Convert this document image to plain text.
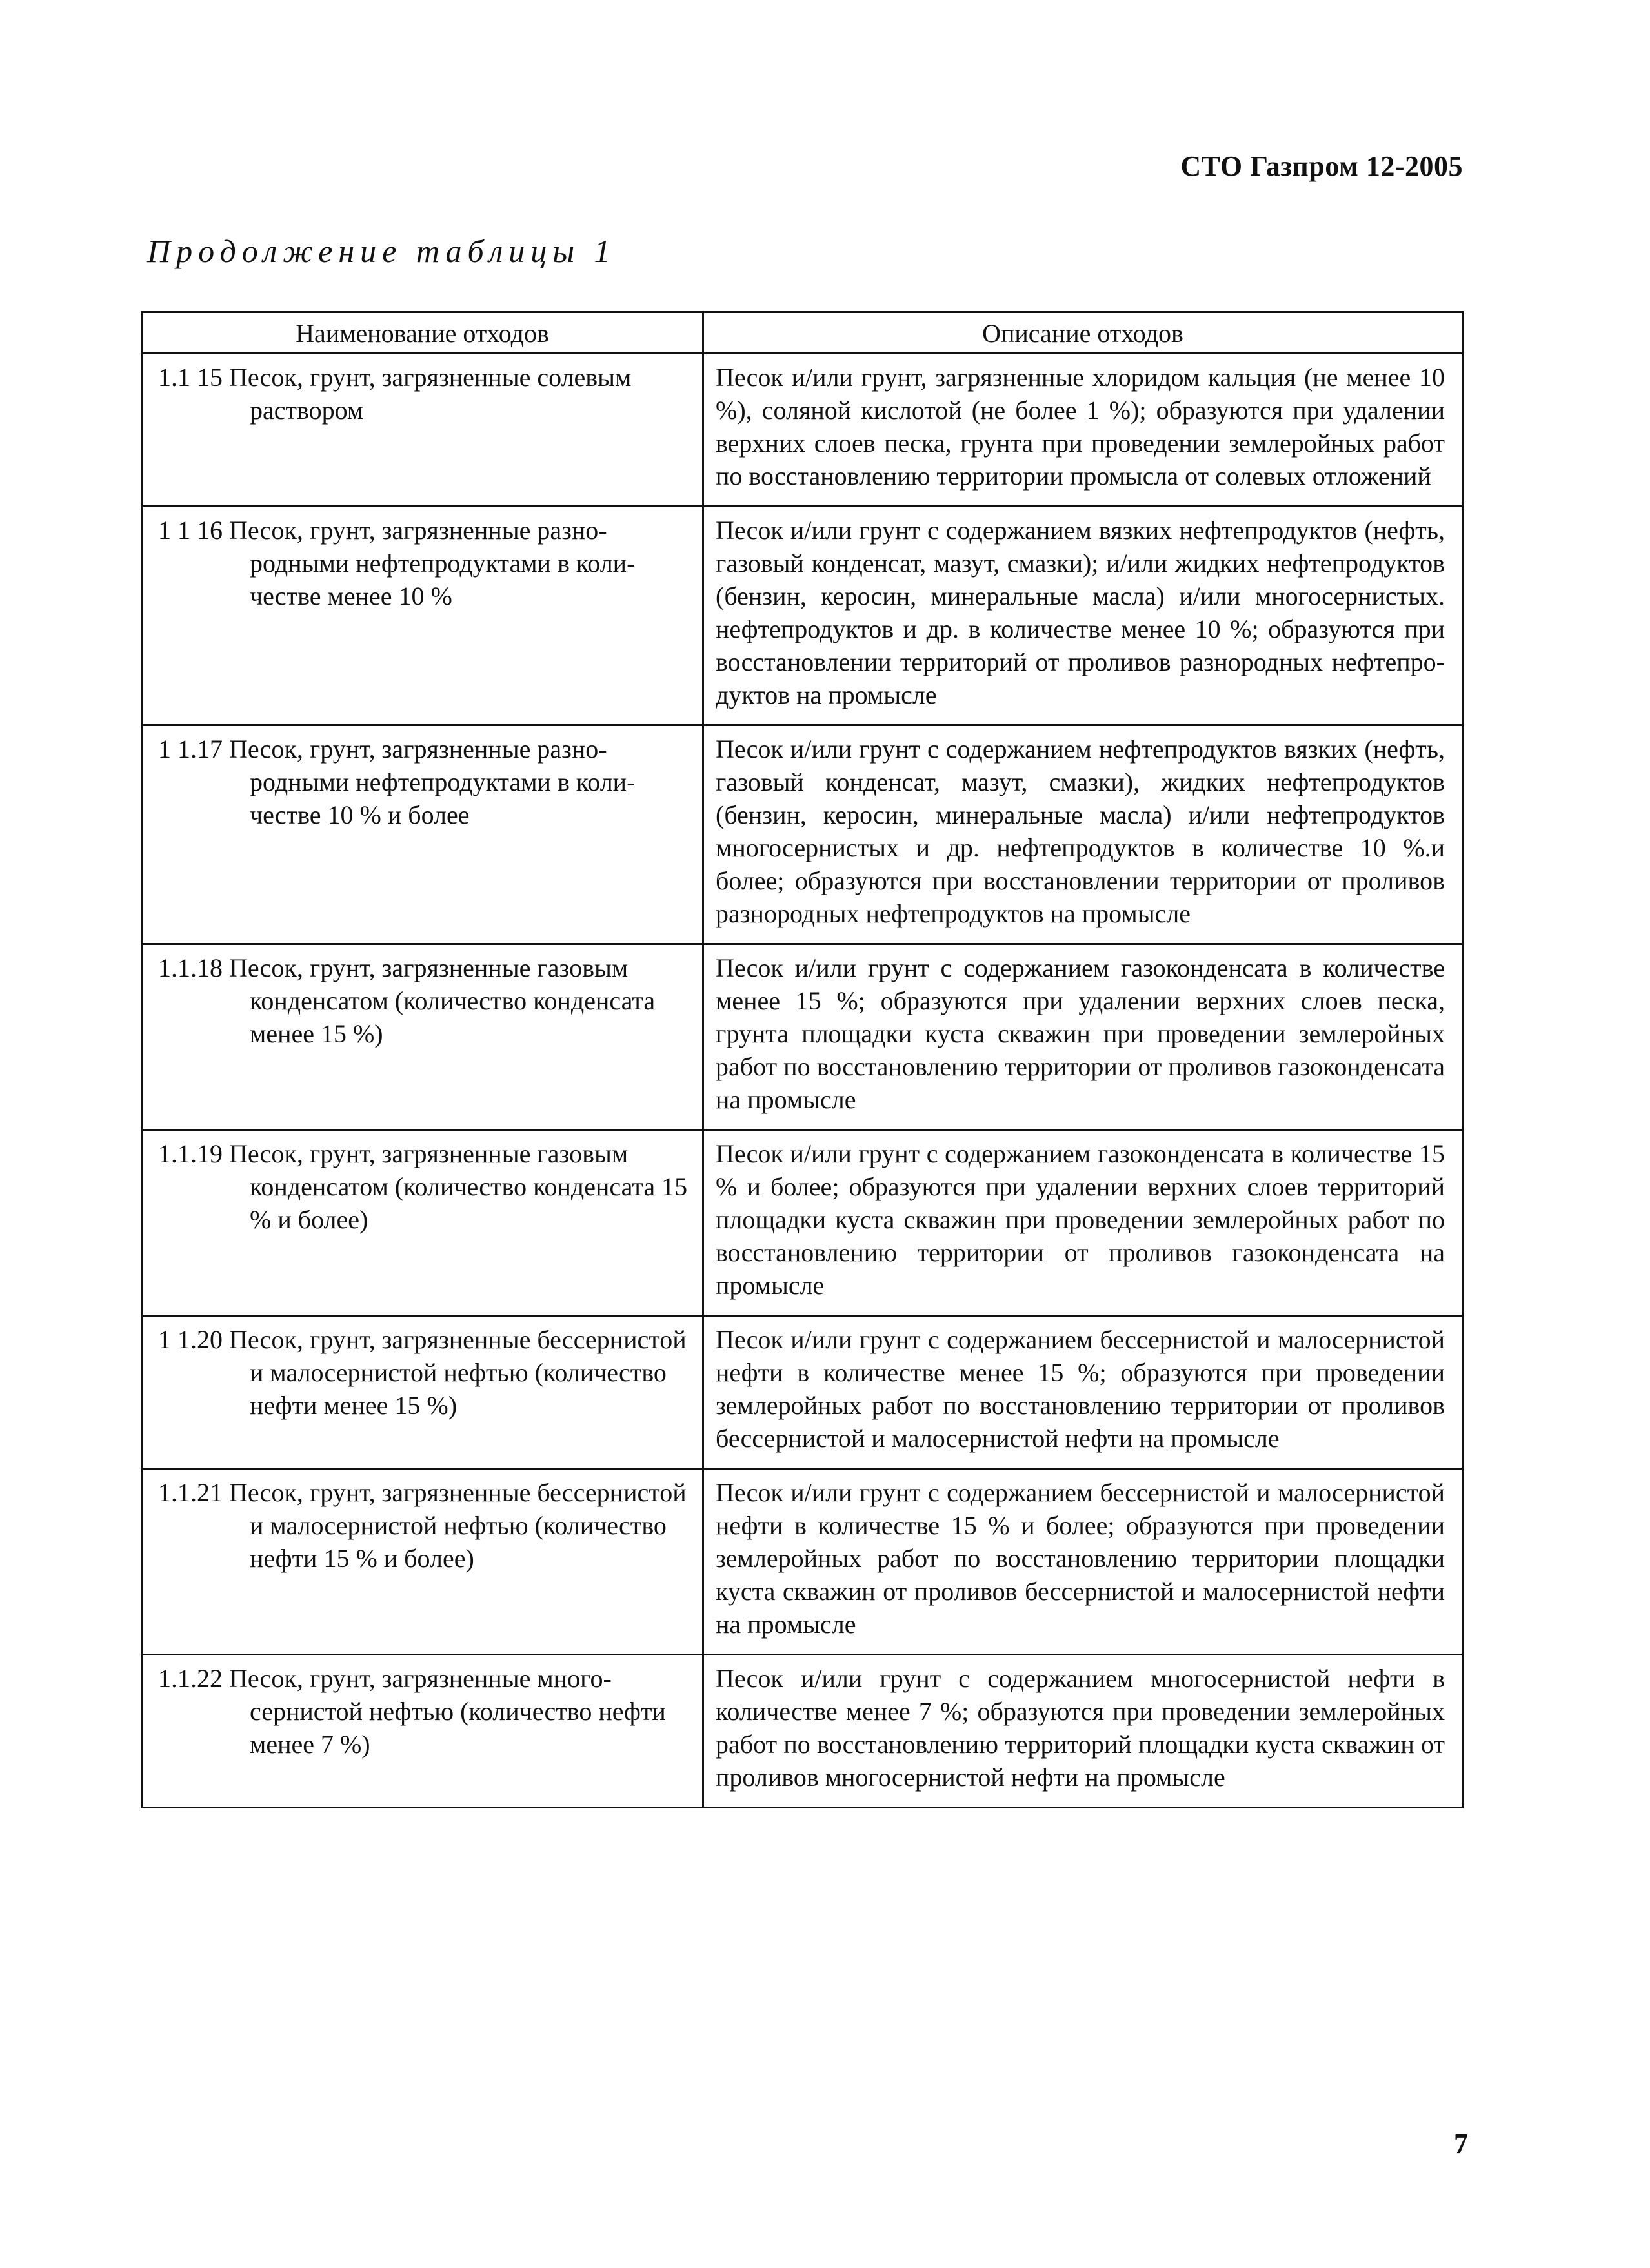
СТО Газпром 12-2005
Продолжение таблицы 1
Наименование отходов	Описание отходов

1.1 15 Песок, грунт, загрязненные солевым раствором	Песок и/или грунт, загрязненные хлоридом кальция (не менее 10 %), соляной кислотой (не более 1 %); образуются при удалении верхних слоев песка, грунта при проведении землеройных работ по восстановлению территории промысла от солевых отложений

1 1 16 Песок, грунт, загрязненные разнородными нефтепродуктами в количестве менее 10 %	Песок и/или грунт с содержанием вязких нефтепродуктов (нефть, газовый конденсат, мазут, смазки); и/или жидких нефтепродуктов (бензин, керосин, минеральные масла) и/или многосернистых. нефтепродуктов и др. в количестве менее 10 %; образуются при восстановлении территорий от проливов разнородных нефтепродуктов на промысле

1 1.17 Песок, грунт, загрязненные разнородными нефтепродуктами в количестве 10 % и более	Песок и/или грунт с содержанием нефтепродуктов вязких (нефть, газовый конденсат, мазут, смазки), жидких нефтепродуктов (бензин, керосин, минеральные масла) и/или нефтепродуктов многосернистых и др. нефтепродуктов в количестве 10 %.и более; образуются при восстановлении территории от проливов разнородных нефтепродуктов на промысле

1.1.18 Песок, грунт, загрязненные газовым конденсатом (количество конденсата менее 15 %)	Песок и/или грунт с содержанием газоконденсата в количестве менее 15 %; образуются при удалении верхних слоев песка, грунта площадки куста скважин при проведении землеройных работ по восстановлению территории от проливов газоконденсата на промысле

1.1.19 Песок, грунт, загрязненные газовым конденсатом (количество конденсата 15 % и более)	Песок и/или грунт с содержанием газоконденсата в количестве 15 % и более; образуются при удалении верхних слоев территорий площадки куста скважин при проведении землеройных работ по восстановлению территории от проливов газоконденсата на промысле

1 1.20 Песок, грунт, загрязненные бессернистой и малосернистой нефтью (количество нефти менее 15 %)	Песок и/или грунт с содержанием бессернистой и малосернистой нефти в количестве менее 15 %; образуются при проведении землеройных работ по восстановлению территории от проливов бессернистой и малосернистой нефти на промысле

1.1.21 Песок, грунт, загрязненные бессернистой и малосернистой нефтью (количество нефти 15 % и более)	Песок и/или грунт с содержанием бессернистой и малосернистой нефти в количестве 15 % и более; образуются при проведении землеройных работ по восстановлению территории площадки куста скважин от проливов бессернистой и малосернистой нефти на промысле

1.1.22 Песок, грунт, загрязненные многосернистой нефтью (количество нефти менее 7 %)	Песок и/или грунт с содержанием многосернистой нефти в количестве менее 7 %; образуются при проведении землеройных работ по восстановлению территорий площадки куста скважин от проливов многосернистой нефти на промысле
7
